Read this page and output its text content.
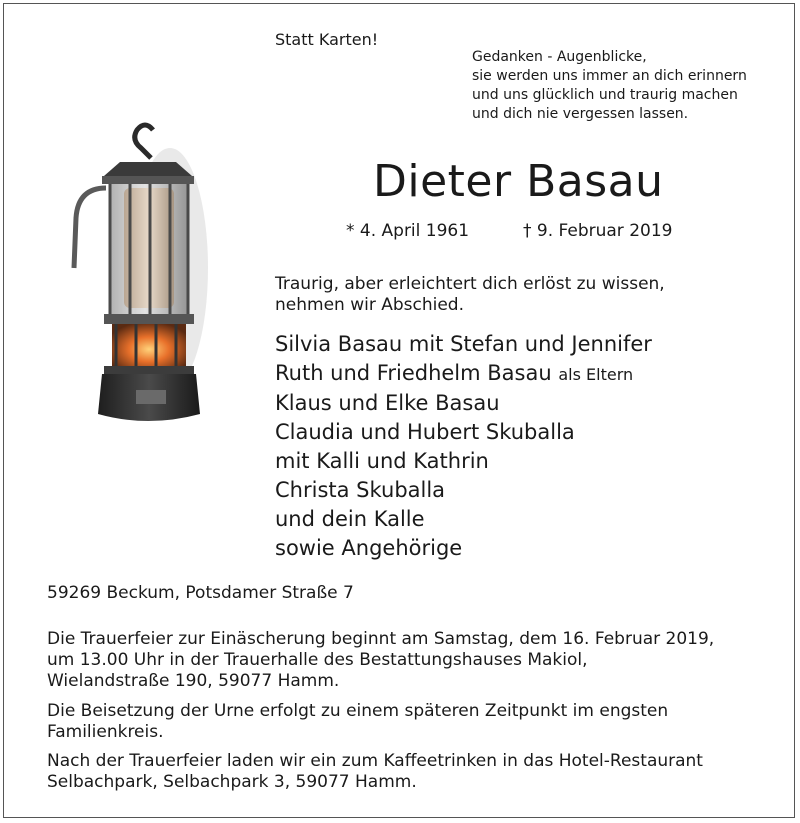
Statt Karten!
Gedanken - Augenblicke,
sie werden uns immer an dich erinnern
und uns glücklich und traurig machen
und dich nie vergessen lassen.
Dieter Basau
* 4. April 1961	† 9. Februar 2019
Traurig, aber erleichtert dich erlöst zu wissen,
nehmen wir Abschied.
Silvia Basau mit Stefan und Jennifer
Ruth und Friedhelm Basau als Eltern
Klaus und Elke Basau
Claudia und Hubert Skuballa
mit Kalli und Kathrin
Christa Skuballa
und dein Kalle
sowie Angehörige
59269 Beckum, Potsdamer Straße 7
Die Trauerfeier zur Einäscherung beginnt am Samstag, dem 16. Februar 2019,
um 13.00 Uhr in der Trauerhalle des Bestattungshauses Makiol,
Wielandstraße 190, 59077 Hamm.
Die Beisetzung der Urne erfolgt zu einem späteren Zeitpunkt im engsten
Familienkreis.
Nach der Trauerfeier laden wir ein zum Kaffeetrinken in das Hotel-Restaurant
Selbachpark, Selbachpark 3, 59077 Hamm.
